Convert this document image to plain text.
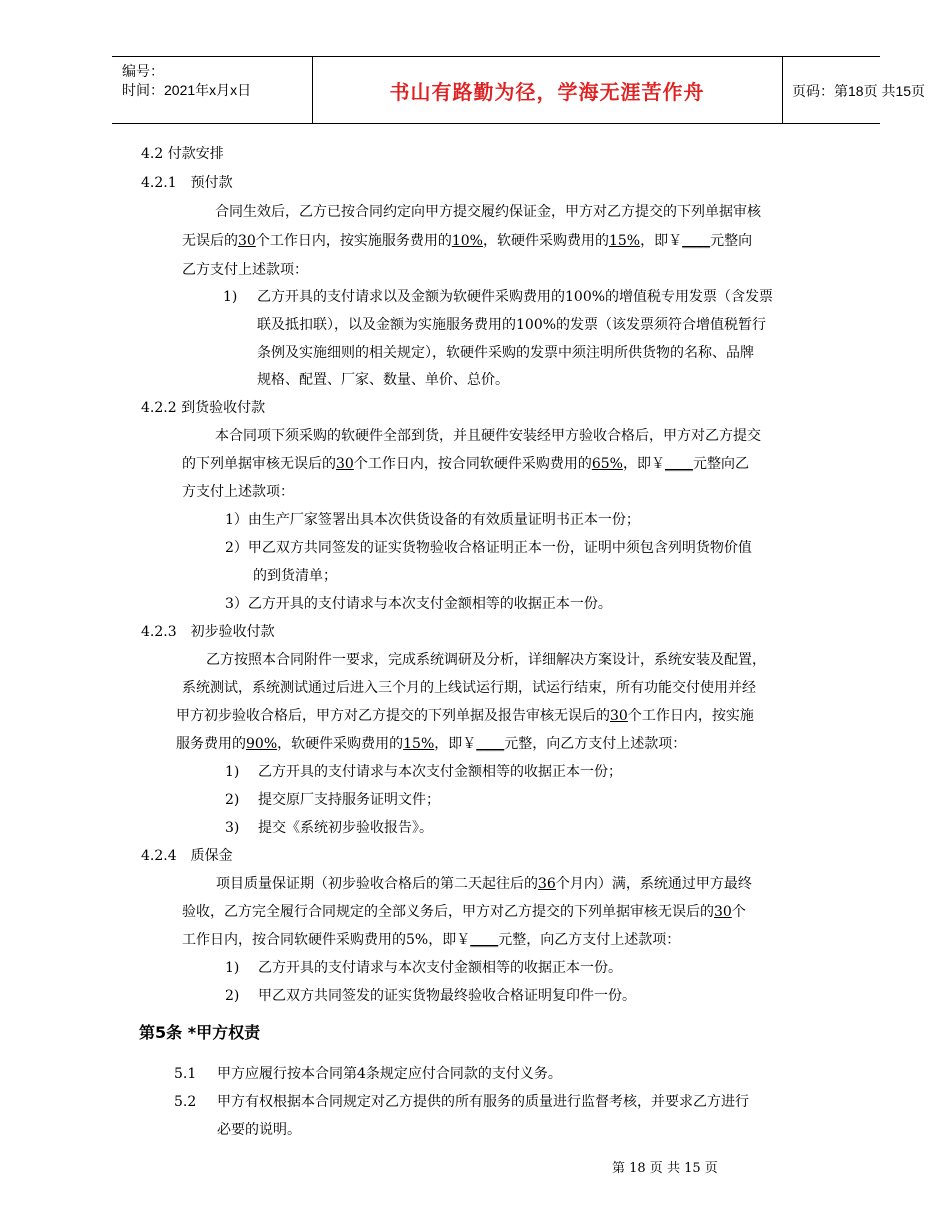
编号：
时间：2021年x月x日	书山有路勤为径，学海无涯苦作舟	页码：第18页 共15页
4.2 付款安排
4.2.1　预付款
合同生效后，乙方已按合同约定向甲方提交履约保证金，甲方对乙方提交的下列单据审核
无误后的30个工作日内，按实施服务费用的10%，软硬件采购费用的15%，即￥____元整向
乙方支付上述款项：
1) 乙方开具的支付请求以及金额为软硬件采购费用的100%的增值税专用发票（含发票
联及抵扣联），以及金额为实施服务费用的100%的发票（该发票须符合增值税暂行
条例及实施细则的相关规定），软硬件采购的发票中须注明所供货物的名称、品牌
规格、配置、厂家、数量、单价、总价。
4.2.2 到货验收付款
本合同项下须采购的软硬件全部到货，并且硬件安装经甲方验收合格后，甲方对乙方提交
的下列单据审核无误后的30个工作日内，按合同软硬件采购费用的65%，即￥____元整向乙
方支付上述款项：
1）由生产厂家签署出具本次供货设备的有效质量证明书正本一份；
2）甲乙双方共同签发的证实货物验收合格证明正本一份，证明中须包含列明货物价值
的到货清单；
3）乙方开具的支付请求与本次支付金额相等的收据正本一份。
4.2.3　初步验收付款
乙方按照本合同附件一要求，完成系统调研及分析，详细解决方案设计，系统安装及配置，
系统测试，系统测试通过后进入三个月的上线试运行期，试运行结束，所有功能交付使用并经
甲方初步验收合格后，甲方对乙方提交的下列单据及报告审核无误后的30个工作日内，按实施
服务费用的90%，软硬件采购费用的15%，即￥____元整，向乙方支付上述款项：
1) 乙方开具的支付请求与本次支付金额相等的收据正本一份；
2) 提交原厂支持服务证明文件；
3) 提交《系统初步验收报告》。
4.2.4　质保金
项目质量保证期（初步验收合格后的第二天起往后的36个月内）满，系统通过甲方最终
验收，乙方完全履行合同规定的全部义务后，甲方对乙方提交的下列单据审核无误后的30个
工作日内，按合同软硬件采购费用的5%，即￥____元整，向乙方支付上述款项：
1) 乙方开具的支付请求与本次支付金额相等的收据正本一份。
2) 甲乙双方共同签发的证实货物最终验收合格证明复印件一份。
第5条 *甲方权责
5.1 甲方应履行按本合同第4条规定应付合同款的支付义务。
5.2 甲方有权根据本合同规定对乙方提供的所有服务的质量进行监督考核，并要求乙方进行
必要的说明。
第 18 页 共 15 页
